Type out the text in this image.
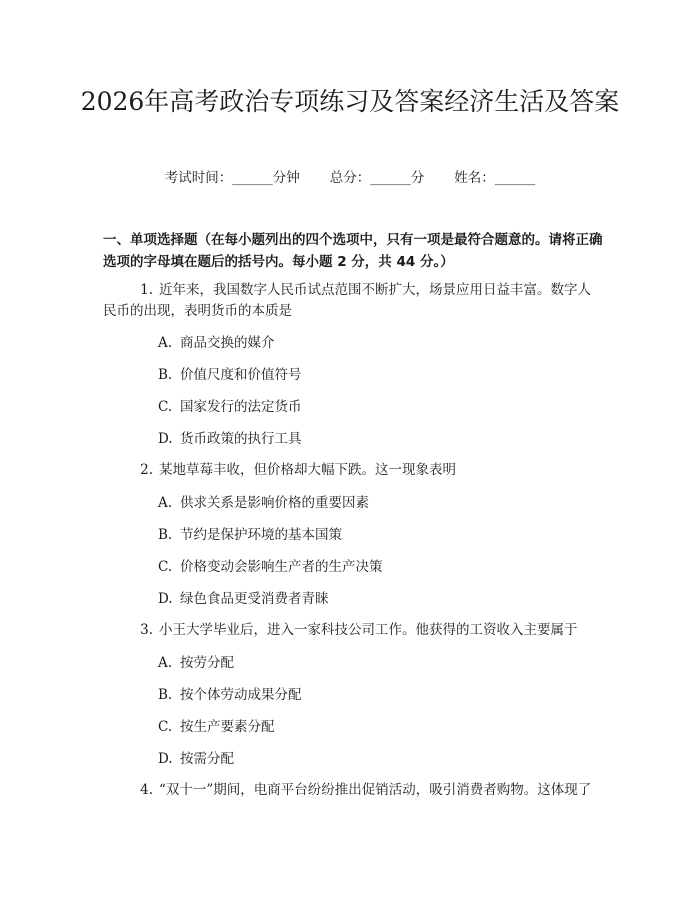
2026年高考政治专项练习及答案经济生活及答案
考试时间：______分钟 总分：______分 姓名：______
一、单项选择题（在每小题列出的四个选项中，只有一项是最符合题意的。请将正确选项的字母填在题后的括号内。每小题 2 分，共 44 分。）
1. 近年来，我国数字人民币试点范围不断扩大，场景应用日益丰富。数字人民币的出现，表明货币的本质是
A. 商品交换的媒介
B. 价值尺度和价值符号
C. 国家发行的法定货币
D. 货币政策的执行工具
2. 某地草莓丰收，但价格却大幅下跌。这一现象表明
A. 供求关系是影响价格的重要因素
B. 节约是保护环境的基本国策
C. 价格变动会影响生产者的生产决策
D. 绿色食品更受消费者青睐
3. 小王大学毕业后，进入一家科技公司工作。他获得的工资收入主要属于
A. 按劳分配
B. 按个体劳动成果分配
C. 按生产要素分配
D. 按需分配
4. “双十一”期间，电商平台纷纷推出促销活动，吸引消费者购物。这体现了
